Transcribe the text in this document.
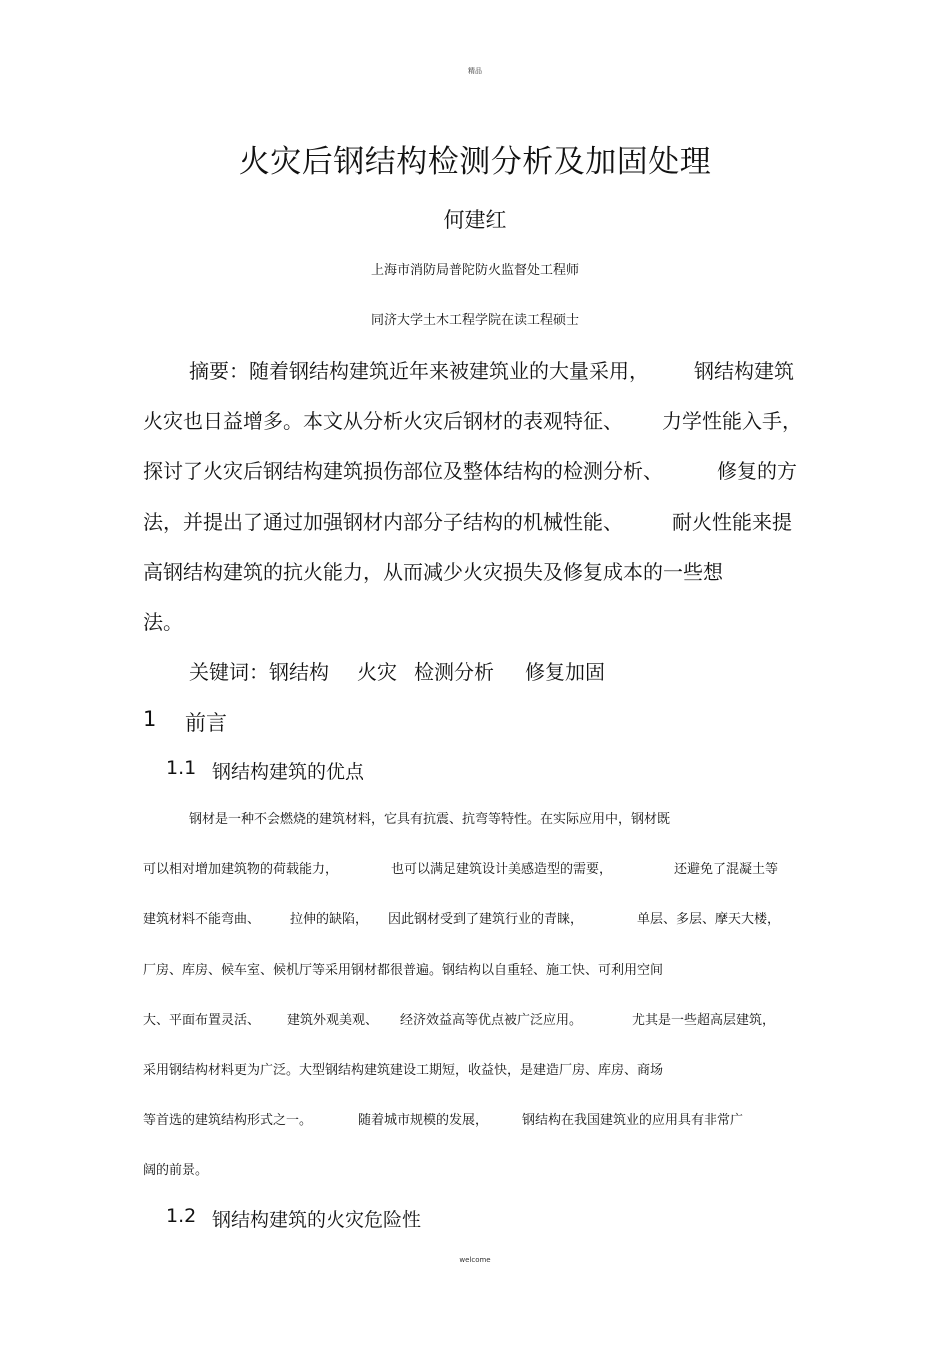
精品
火灾后钢结构检测分析及加固处理
何建红
上海市消防局普陀防火监督处工程师
同济大学土木工程学院在读工程硕士
摘要：随着钢结构建筑近年来被建筑业的大量采用， 钢结构建筑
火灾也日益增多。本文从分析火灾后钢材的表观特征、 力学性能入手，
探讨了火灾后钢结构建筑损伤部位及整体结构的检测分析、	修复的方
法，并提出了通过加强钢材内部分子结构的机械性能、 耐火性能来提
高钢结构建筑的抗火能力，从而减少火灾损失及修复成本的一些想
法。
关键词：钢结构 火灾 检测分析 修复加固
1 前言
1.1 钢结构建筑的优点
钢材是一种不会燃烧的建筑材料，它具有抗震、抗弯等特性。在实际应用中，钢材既
可以相对增加建筑物的荷载能力，	也可以满足建筑设计美感造型的需要，	还避免了混凝土等
建筑材料不能弯曲、 拉伸的缺陷， 因此钢材受到了建筑行业的青睐，	单层、多层、摩天大楼，
厂房、库房、候车室、候机厅等采用钢材都很普遍。钢结构以自重轻、施工快、可利用空间
大、平面布置灵活、 建筑外观美观、 经济效益高等优点被广泛应用。	尤其是一些超高层建筑，
采用钢结构材料更为广泛。大型钢结构建筑建设工期短，收益快，是建造厂房、库房、商场
等首选的建筑结构形式之一。	随着城市规模的发展，	钢结构在我国建筑业的应用具有非常广
阔的前景。
1.2 钢结构建筑的火灾危险性
welcome
